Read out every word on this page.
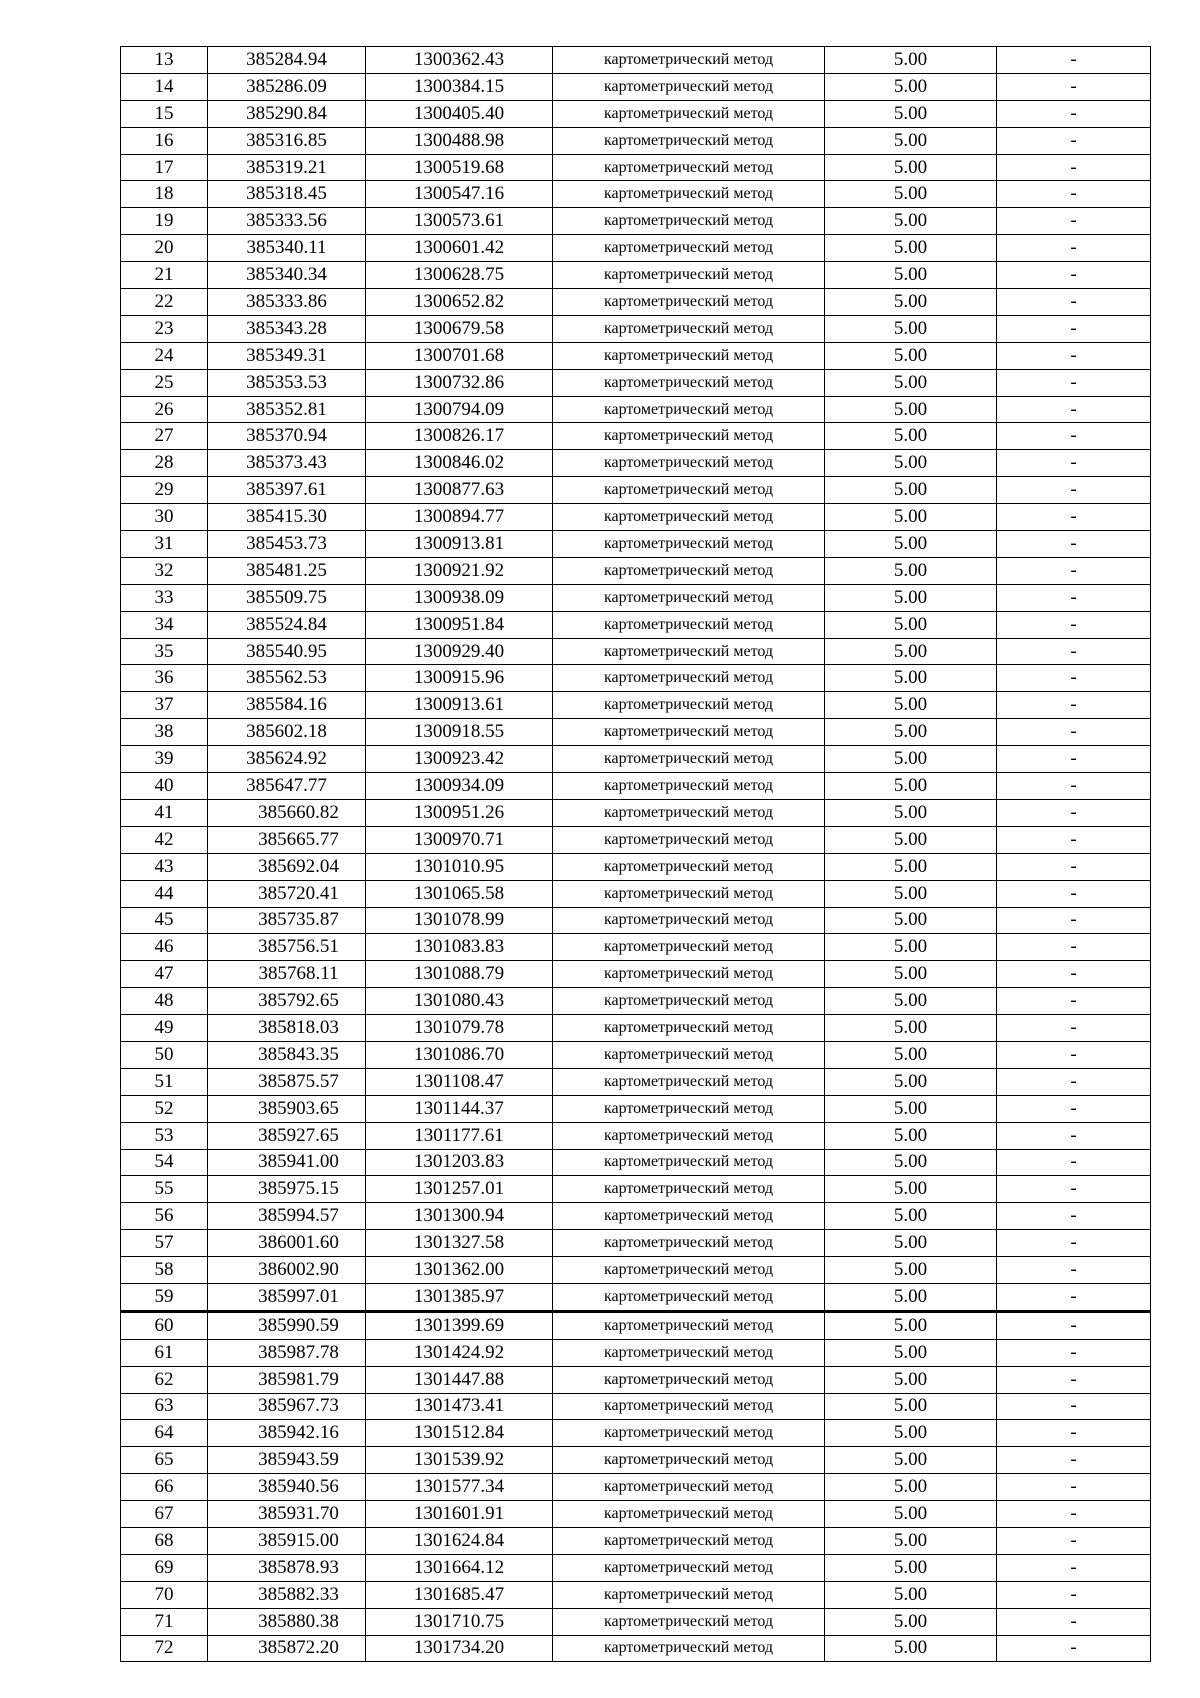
13	385284.94	1300362.43	картометрический метод	5.00	-
14	385286.09	1300384.15	картометрический метод	5.00	-
15	385290.84	1300405.40	картометрический метод	5.00	-
16	385316.85	1300488.98	картометрический метод	5.00	-
17	385319.21	1300519.68	картометрический метод	5.00	-
18	385318.45	1300547.16	картометрический метод	5.00	-
19	385333.56	1300573.61	картометрический метод	5.00	-
20	385340.11	1300601.42	картометрический метод	5.00	-
21	385340.34	1300628.75	картометрический метод	5.00	-
22	385333.86	1300652.82	картометрический метод	5.00	-
23	385343.28	1300679.58	картометрический метод	5.00	-
24	385349.31	1300701.68	картометрический метод	5.00	-
25	385353.53	1300732.86	картометрический метод	5.00	-
26	385352.81	1300794.09	картометрический метод	5.00	-
27	385370.94	1300826.17	картометрический метод	5.00	-
28	385373.43	1300846.02	картометрический метод	5.00	-
29	385397.61	1300877.63	картометрический метод	5.00	-
30	385415.30	1300894.77	картометрический метод	5.00	-
31	385453.73	1300913.81	картометрический метод	5.00	-
32	385481.25	1300921.92	картометрический метод	5.00	-
33	385509.75	1300938.09	картометрический метод	5.00	-
34	385524.84	1300951.84	картометрический метод	5.00	-
35	385540.95	1300929.40	картометрический метод	5.00	-
36	385562.53	1300915.96	картометрический метод	5.00	-
37	385584.16	1300913.61	картометрический метод	5.00	-
38	385602.18	1300918.55	картометрический метод	5.00	-
39	385624.92	1300923.42	картометрический метод	5.00	-
40	385647.77	1300934.09	картометрический метод	5.00	-
41	385660.82	1300951.26	картометрический метод	5.00	-
42	385665.77	1300970.71	картометрический метод	5.00	-
43	385692.04	1301010.95	картометрический метод	5.00	-
44	385720.41	1301065.58	картометрический метод	5.00	-
45	385735.87	1301078.99	картометрический метод	5.00	-
46	385756.51	1301083.83	картометрический метод	5.00	-
47	385768.11	1301088.79	картометрический метод	5.00	-
48	385792.65	1301080.43	картометрический метод	5.00	-
49	385818.03	1301079.78	картометрический метод	5.00	-
50	385843.35	1301086.70	картометрический метод	5.00	-
51	385875.57	1301108.47	картометрический метод	5.00	-
52	385903.65	1301144.37	картометрический метод	5.00	-
53	385927.65	1301177.61	картометрический метод	5.00	-
54	385941.00	1301203.83	картометрический метод	5.00	-
55	385975.15	1301257.01	картометрический метод	5.00	-
56	385994.57	1301300.94	картометрический метод	5.00	-
57	386001.60	1301327.58	картометрический метод	5.00	-
58	386002.90	1301362.00	картометрический метод	5.00	-
59	385997.01	1301385.97	картометрический метод	5.00	-
60	385990.59	1301399.69	картометрический метод	5.00	-
61	385987.78	1301424.92	картометрический метод	5.00	-
62	385981.79	1301447.88	картометрический метод	5.00	-
63	385967.73	1301473.41	картометрический метод	5.00	-
64	385942.16	1301512.84	картометрический метод	5.00	-
65	385943.59	1301539.92	картометрический метод	5.00	-
66	385940.56	1301577.34	картометрический метод	5.00	-
67	385931.70	1301601.91	картометрический метод	5.00	-
68	385915.00	1301624.84	картометрический метод	5.00	-
69	385878.93	1301664.12	картометрический метод	5.00	-
70	385882.33	1301685.47	картометрический метод	5.00	-
71	385880.38	1301710.75	картометрический метод	5.00	-
72	385872.20	1301734.20	картометрический метод	5.00	-
